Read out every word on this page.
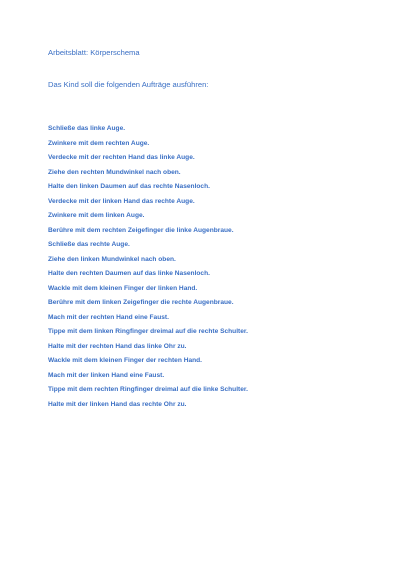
Arbeitsblatt: Körperschema
Das Kind soll die folgenden Aufträge ausführen:
Schließe das linke Auge.
Zwinkere mit dem rechten Auge.
Verdecke mit der rechten Hand das linke Auge.
Ziehe den rechten Mundwinkel nach oben.
Halte den linken Daumen auf das rechte Nasenloch.
Verdecke mit der linken Hand das rechte Auge.
Zwinkere mit dem linken Auge.
Berühre mit dem rechten Zeigefinger die linke Augenbraue.
Schließe das rechte Auge.
Ziehe den linken Mundwinkel nach oben.
Halte den rechten Daumen auf das linke Nasenloch.
Wackle mit dem kleinen Finger der linken Hand.
Berühre mit dem linken Zeigefinger die rechte Augenbraue.
Mach mit der rechten Hand eine Faust.
Tippe mit dem linken Ringfinger dreimal auf die rechte Schulter.
Halte mit der rechten Hand das linke Ohr zu.
Wackle mit dem kleinen Finger der rechten Hand.
Mach mit der linken Hand eine Faust.
Tippe mit dem rechten Ringfinger dreimal auf die linke Schulter.
Halte mit der linken Hand das rechte Ohr zu.
